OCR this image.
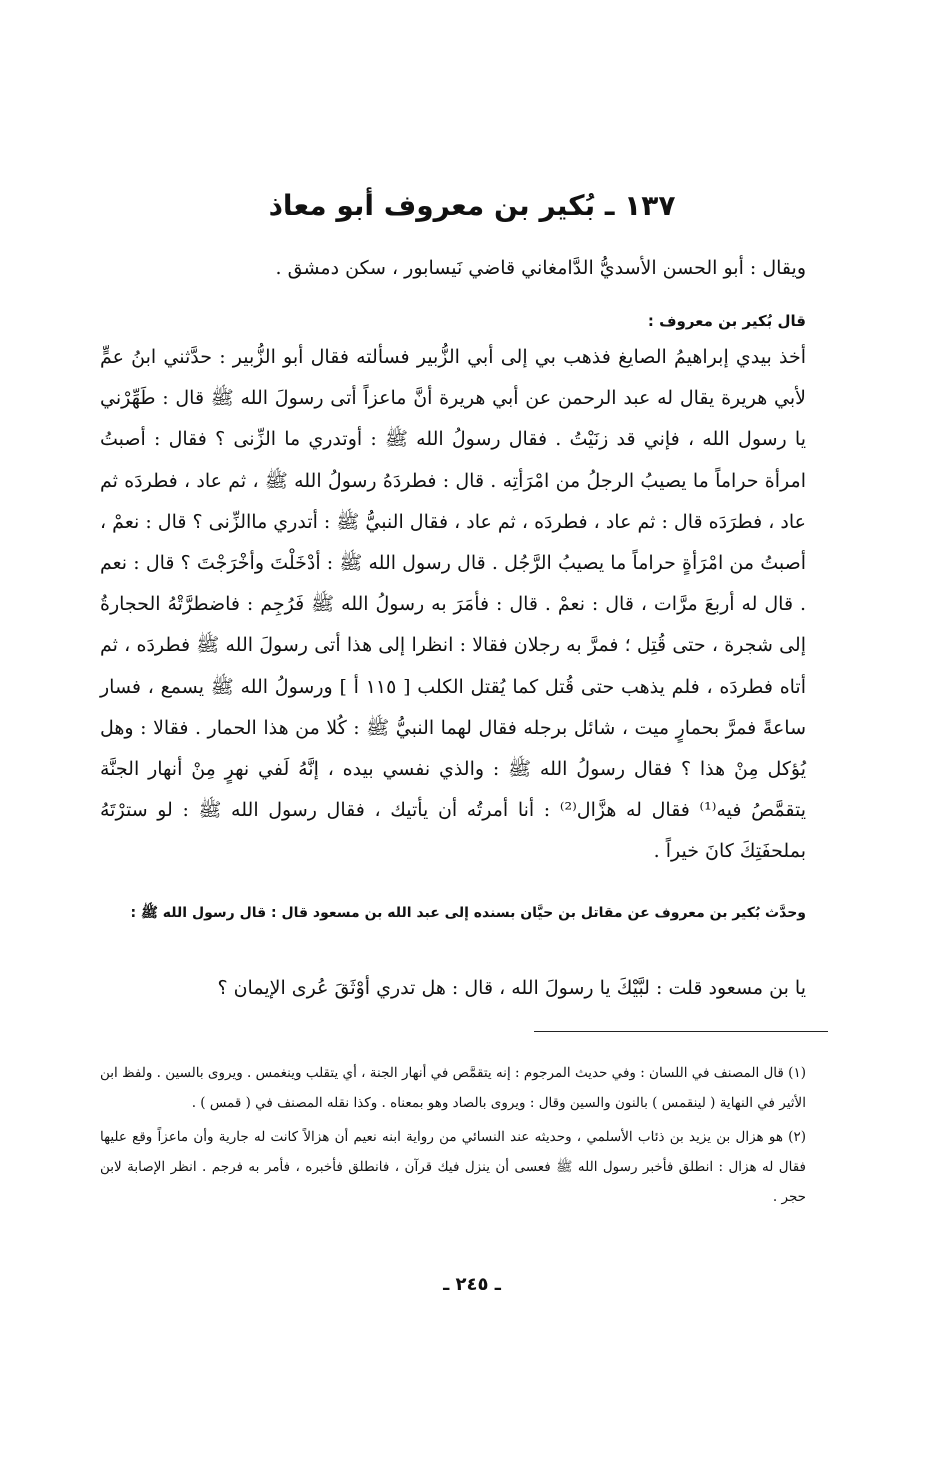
١٣٧ ـ بُكير بن معروف أبو معاذ

ويقال : أبو الحسن الأسديُّ الدَّامغاني قاضي نَيسابور ، سكن دمشق .

قال بُكير بن معروف :

أخذ بيدي إبراهيمُ الصايغ فذهب بي إلى أبي الزُّبير فسألته فقال أبو الزُّبير : حدَّثني ابنُ عمٍّ لأبي هريرة يقال له عبد الرحمن عن أبي هريرة أنَّ ماعزاً أتى رسولَ الله ﷺ قال : طَهِّرْني يا رسول الله ، فإني قد زنَيْتُ . فقال رسولُ الله ﷺ : أوتدري ما الزِّنى ؟ فقال : أصبتُ امرأة حراماً ما يصيبُ الرجلُ من امْرَأتِه . قال : فطردَهُ رسولُ الله ﷺ ، ثم عاد ، فطردَه ثم عاد ، فطرَدَه قال : ثم عاد ، فطردَه ، ثم عاد ، فقال النبيُّ ﷺ : أتدري ماالزِّنى ؟ قال : نعمْ ، أصبتُ من امْرَأةٍ حراماً ما يصيبُ الرَّجُل . قال رسول الله ﷺ : أدْخَلْتَ وأخْرَجْتَ ؟ قال : نعم . قال له أربعَ مرَّات ، قال : نعمْ . قال : فأمَرَ به رسولُ الله ﷺ فَرُجِم : فاضطرَّتْهُ الحجارةُ إلى شجرة ، حتى قُتِل ؛ فمرَّ به رجلان فقالا : انظرا إلى هذا أتى رسولَ الله ﷺ فطردَه ، ثم أتاه فطردَه ، فلم يذهب حتى قُتل كما يُقتل الكلب [ ١١٥ أ ] ورسولُ الله ﷺ يسمع ، فسار ساعةً فمرَّ بحمارٍ ميت ، شائل برجله فقال لهما النبيُّ ﷺ : كُلا من هذا الحمار . فقالا : وهل يُؤكل مِنْ هذا ؟ فقال رسولُ الله ﷺ : والذي نفسي بيده ، إنَّهُ لَفي نهرٍ مِنْ أنهار الجنَّة يتقمَّصُ فيه⁽¹⁾ فقال له هزَّال⁽²⁾ : أنا أمرتُه أن يأتيك ، فقال رسول الله ﷺ : لو سترْتَهُ بملحفَتِكَ كانَ خيراً .

وحدَّث بُكير بن معروف عن مقاتل بن حيَّان بسنده إلى عبد الله بن مسعود قال : قال رسول الله ﷺ :

يا بن مسعود قلت : لبَّيْكَ يا رسولَ الله ، قال : هل تدري أوْثَقَ عُرى الإيمان ؟

(١) قال المصنف في اللسان : وفي حديث المرجوم : إنه يتقمَّص في أنهار الجنة ، أي يتقلب وينغمس . ويروى بالسين . ولفظ ابن الأثير في النهاية ( لينقمس ) بالنون والسين وقال : ويروى بالصاد وهو بمعناه . وكذا نقله المصنف في ( قمس ) .

(٢) هو هزال بن يزيد بن ذئاب الأسلمي ، وحديثه عند النسائي من رواية ابنه نعيم أن هزالاً كانت له جارية وأن ماعزاً وقع عليها فقال له هزال : انطلق فأخبر رسول الله ﷺ فعسى أن ينزل فيك قرآن ، فانطلق فأخبره ، فأمر به فرجم . انظر الإصابة لابن حجر .

ـ ٢٤٥ ـ
